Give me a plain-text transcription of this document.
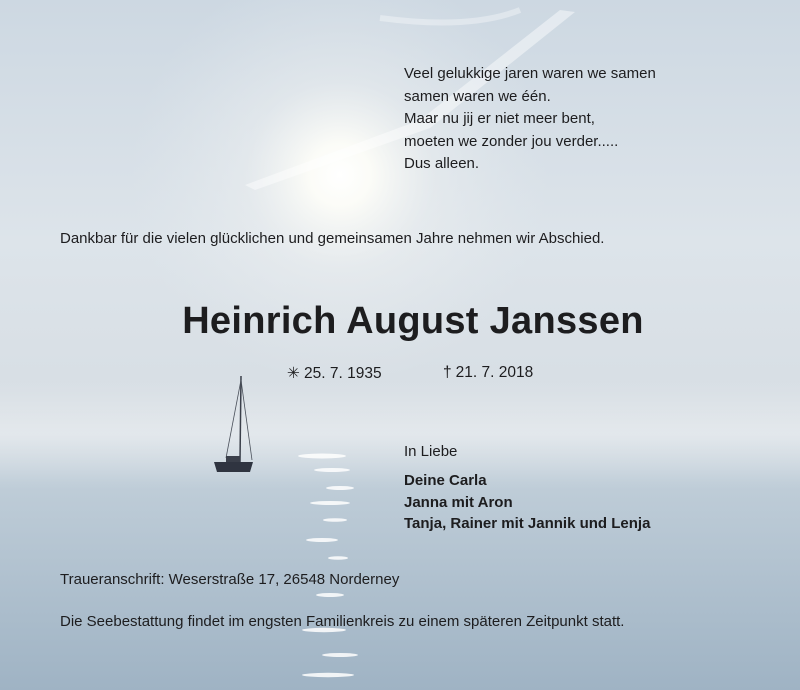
Veel gelukkige jaren waren we samen
samen waren we één.
Maar nu jij er niet meer bent,
moeten we zonder jou verder.....
Dus alleen.
Dankbar für die vielen glücklichen und gemeinsamen Jahre nehmen wir Abschied.
Heinrich August Janssen
✳ 25. 7. 1935	† 21. 7. 2018
In Liebe
Deine Carla
Janna mit Aron
Tanja, Rainer mit Jannik und Lenja
Traueranschrift: Weserstraße 17, 26548 Norderney
Die Seebestattung findet im engsten Familienkreis zu einem späteren Zeitpunkt statt.
